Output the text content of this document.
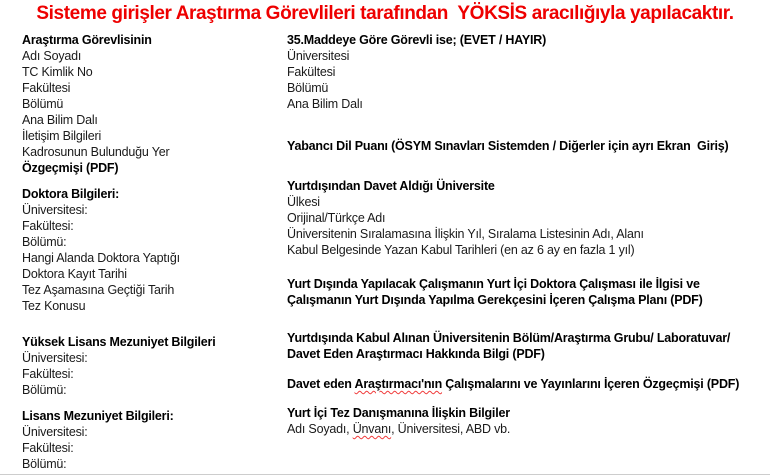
Sisteme girişler Araştırma Görevlileri tarafından  YÖKSİS aracılığıyla yapılacaktır.
Araştırma Görevlisinin
Adı Soyadı
TC Kimlik No
Fakültesi
Bölümü
Ana Bilim Dalı
İletişim Bilgileri
Kadrosunun Bulunduğu Yer
Özgeçmişi (PDF)
Doktora Bilgileri:
Üniversitesi:
Fakültesi:
Bölümü:
Hangi Alanda Doktora Yaptığı
Doktora Kayıt Tarihi
Tez Aşamasına Geçtiği Tarih
Tez Konusu
Yüksek Lisans Mezuniyet Bilgileri
Üniversitesi:
Fakültesi:
Bölümü:
Lisans Mezuniyet Bilgileri:
Üniversitesi:
Fakültesi:
Bölümü:
35.Maddeye Göre Görevli ise; (EVET / HAYIR)
Üniversitesi
Fakültesi
Bölümü
Ana Bilim Dalı
Yabancı Dil Puanı (ÖSYM Sınavları Sistemden / Diğerler için ayrı Ekran  Giriş)
Yurtdışından Davet Aldığı Üniversite
Ülkesi
Orijinal/Türkçe Adı
Üniversitenin Sıralamasına İlişkin Yıl, Sıralama Listesinin Adı, Alanı
Kabul Belgesinde Yazan Kabul Tarihleri (en az 6 ay en fazla 1 yıl)
Yurt Dışında Yapılacak Çalışmanın Yurt İçi Doktora Çalışması ile İlgisi ve
Çalışmanın Yurt Dışında Yapılma Gerekçesini İçeren Çalışma Planı (PDF)
Yurtdışında Kabul Alınan Üniversitenin Bölüm/Araştırma Grubu/ Laboratuvar/
Davet Eden Araştırmacı Hakkında Bilgi (PDF)
Davet eden Araştırmacı'nın Çalışmalarını ve Yayınlarını İçeren Özgeçmişi (PDF)
Yurt İçi Tez Danışmanına İlişkin Bilgiler
Adı Soyadı, Ünvanı, Üniversitesi, ABD vb.
